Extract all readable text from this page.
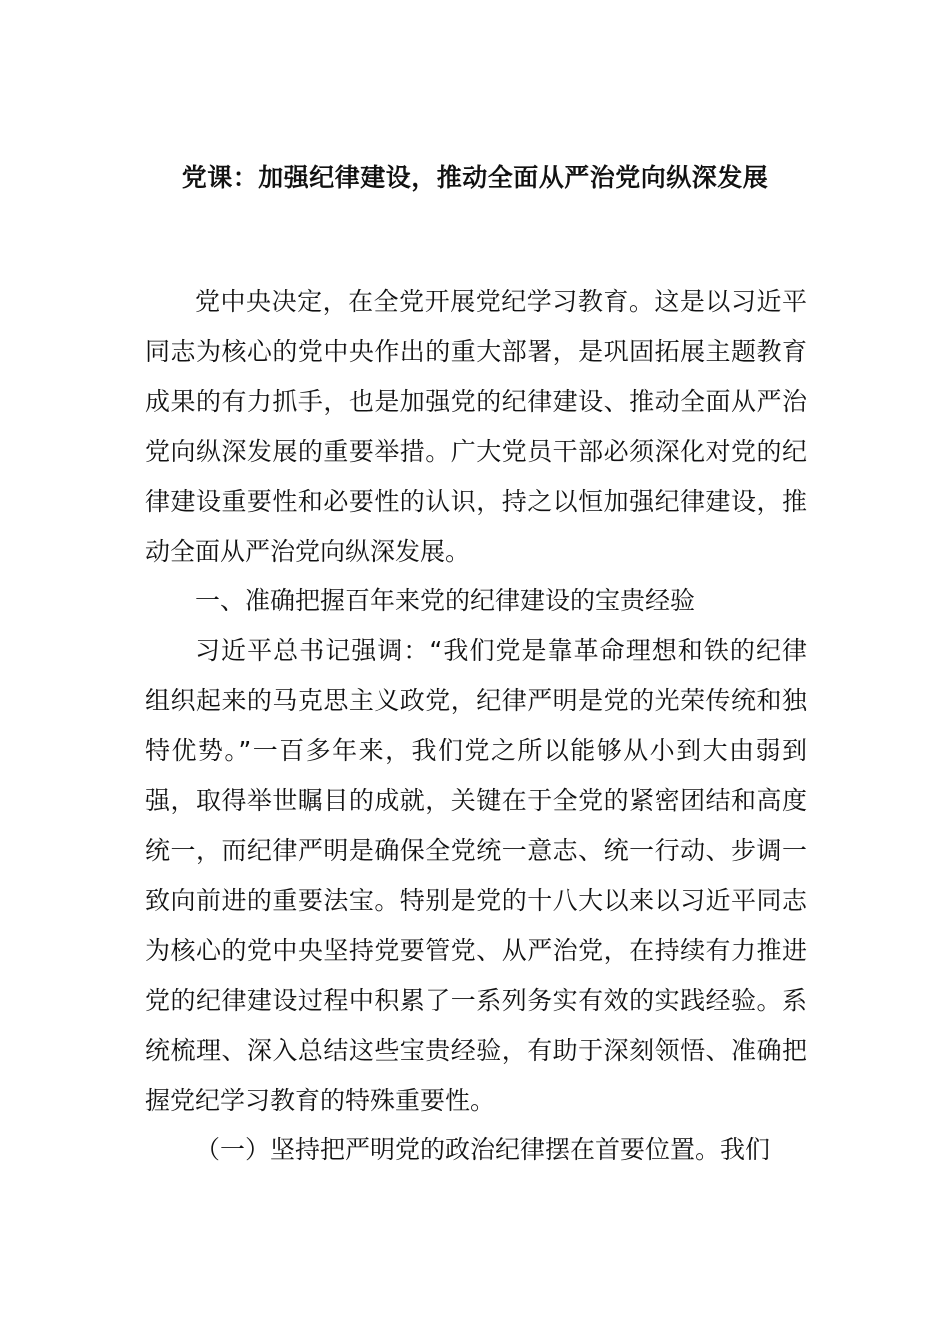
党课：加强纪律建设，推动全面从严治党向纵深发展

党中央决定，在全党开展党纪学习教育。这是以习近平同志为核心的党中央作出的重大部署，是巩固拓展主题教育成果的有力抓手，也是加强党的纪律建设、推动全面从严治党向纵深发展的重要举措。广大党员干部必须深化对党的纪律建设重要性和必要性的认识，持之以恒加强纪律建设，推动全面从严治党向纵深发展。

一、准确把握百年来党的纪律建设的宝贵经验

习近平总书记强调：“我们党是靠革命理想和铁的纪律组织起来的马克思主义政党，纪律严明是党的光荣传统和独特优势。”一百多年来，我们党之所以能够从小到大由弱到强，取得举世瞩目的成就，关键在于全党的紧密团结和高度统一，而纪律严明是确保全党统一意志、统一行动、步调一致向前进的重要法宝。特别是党的十八大以来以习近平同志为核心的党中央坚持党要管党、从严治党，在持续有力推进党的纪律建设过程中积累了一系列务实有效的实践经验。系统梳理、深入总结这些宝贵经验，有助于深刻领悟、准确把握党纪学习教育的特殊重要性。

（一）坚持把严明党的政治纪律摆在首要位置。我们
